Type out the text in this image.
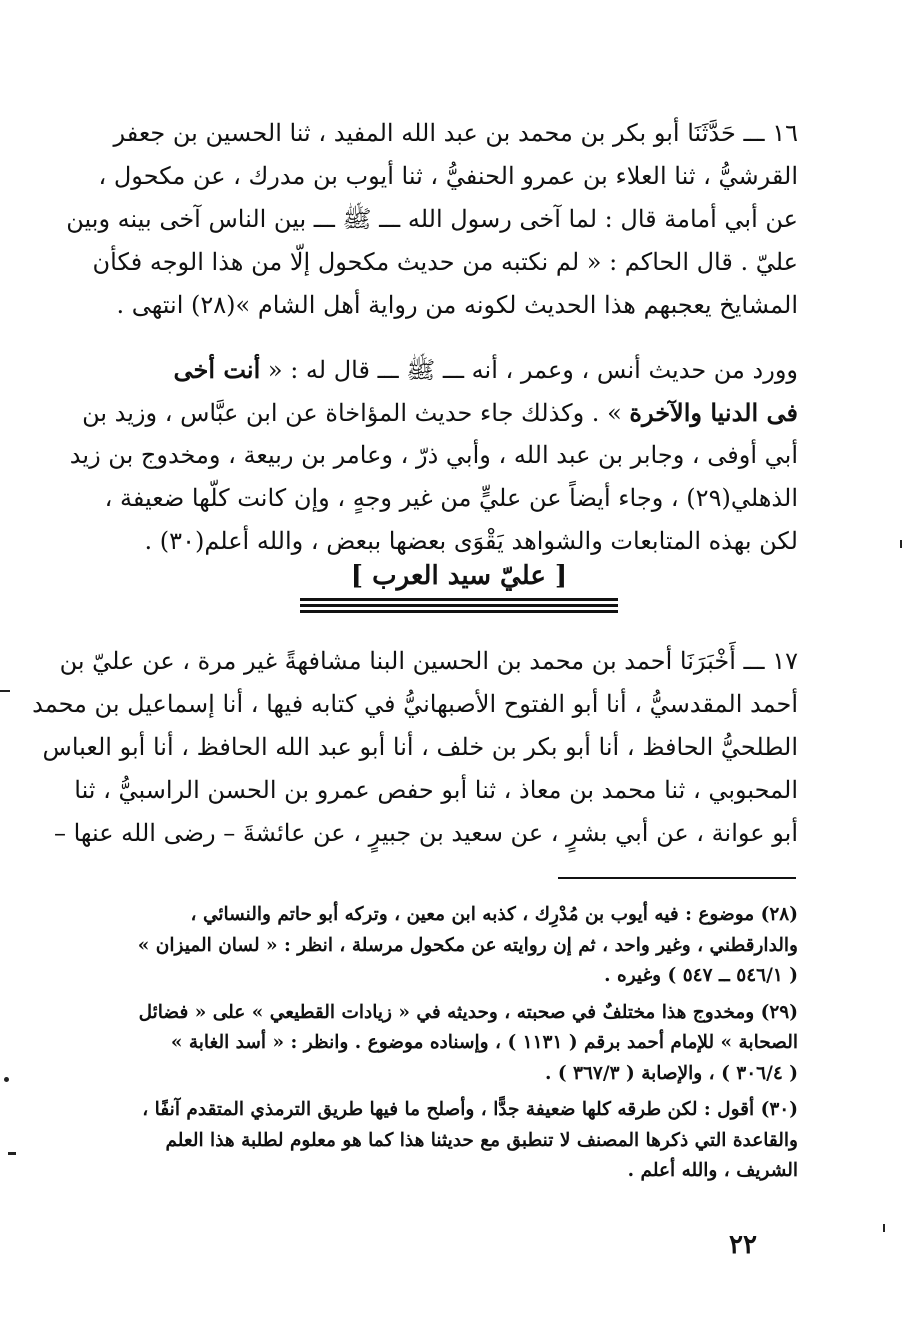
١٦ ـــ حَدَّثَنَا أبو بكر بن محمد بن عبد الله المفيد ، ثنا الحسين بن جعفر
القرشيُّ ، ثنا العلاء بن عمرو الحنفيُّ ، ثنا أيوب بن مدرك ، عن مكحول ،
عن أبي أمامة قال : لما آخى رسول الله ـــ ﷺ ـــ بين الناس آخى بينه وبين
عليّ . قال الحاكم : « لم نكتبه من حديث مكحول إلّا من هذا الوجه فكأن
المشايخ يعجبهم هذا الحديث لكونه من رواية أهل الشام »(٢٨) انتهى .
وورد من حديث أنس ، وعمر ، أنه ـــ ﷺ ـــ قال له : « أنت أخى
فى الدنيا والآخرة » . وكذلك جاء حديث المؤاخاة عن ابن عبَّاس ، وزيد بن
أبي أوفى ، وجابر بن عبد الله ، وأبي ذرّ ، وعامر بن ربيعة ، ومخدوج بن زيد
الذهلي(٢٩) ، وجاء أيضاً عن عليٍّ من غير وجهٍ ، وإن كانت كلّها ضعيفة ،
لكن بهذه المتابعات والشواهد يَقْوَى بعضها ببعض ، والله أعلم(٣٠) .
[ عليّ سيد العرب ]
١٧ ـــ أَخْبَرَنَا أحمد بن محمد بن الحسين البنا مشافهةً غير مرة ، عن عليّ بن
أحمد المقدسيُّ ، أنا أبو الفتوح الأصبهانيُّ في كتابه فيها ، أنا إسماعيل بن محمد
الطلحيُّ الحافظ ، أنا أبو بكر بن خلف ، أنا أبو عبد الله الحافظ ، أنا أبو العباس
المحبوبي ، ثنا محمد بن معاذ ، ثنا أبو حفص عمرو بن الحسن الراسبيُّ ، ثنا
أبو عوانة ، عن أبي بشرٍ ، عن سعيد بن جبيرٍ ، عن عائشةَ – رضى الله عنها –
(٢٨) موضوع : فيه أيوب بن مُدْرِك ، كذبه ابن معين ، وتركه أبو حاتم والنسائي ،
والدارقطني ، وغير واحد ، ثم إن روايته عن مكحول مرسلة ، انظر : « لسان الميزان »
( ٥٤٦/١ ــ ٥٤٧ ) وغيره .
(٢٩) ومخدوج هذا مختلفٌ في صحبته ، وحديثه في « زيادات القطيعي » على « فضائل
الصحابة » للإمام أحمد برقم ( ١١٣١ ) ، وإسناده موضوع . وانظر : « أسد الغابة »
( ٣٠٦/٤ ) ، والإصابة ( ٣٦٧/٣ ) .
(٣٠) أقول : لكن طرقه كلها ضعيفة جدًّا ، وأصلح ما فيها طريق الترمذي المتقدم آنفًا ،
والقاعدة التي ذكرها المصنف لا تنطبق مع حديثنا هذا كما هو معلوم لطلبة هذا العلم
الشريف ، والله أعلم .
٢٢
